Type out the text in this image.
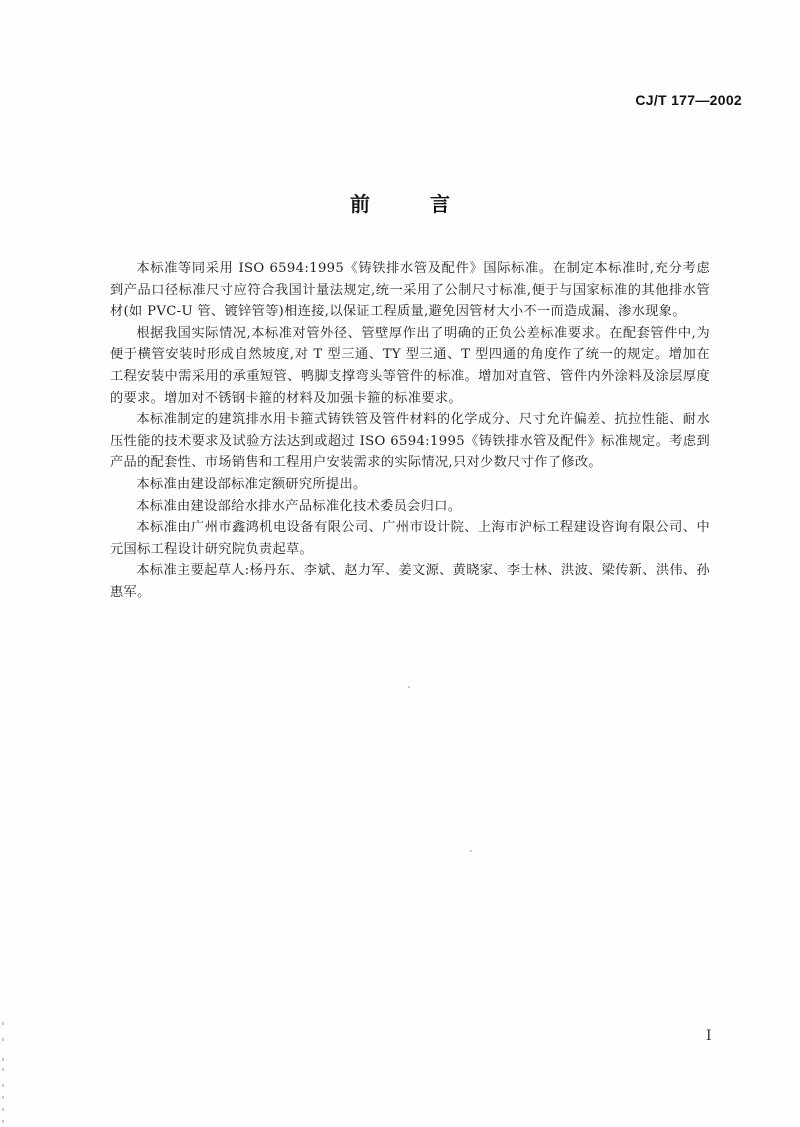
CJ/T 177—2002
前	言

本标准等同采用 ISO 6594:1995《铸铁排水管及配件》国际标准。在制定本标准时,充分考虑到产品口径标准尺寸应符合我国计量法规定,统一采用了公制尺寸标准,便于与国家标准的其他排水管材(如 PVC-U 管、镀锌管等)相连接,以保证工程质量,避免因管材大小不一而造成漏、渗水现象。

根据我国实际情况,本标准对管外径、管壁厚作出了明确的正负公差标准要求。在配套管件中,为便于横管安装时形成自然坡度,对 T 型三通、TY 型三通、T 型四通的角度作了统一的规定。增加在工程安装中需采用的承重短管、鸭脚支撑弯头等管件的标准。增加对直管、管件内外涂料及涂层厚度的要求。增加对不锈钢卡箍的材料及加强卡箍的标准要求。

本标准制定的建筑排水用卡箍式铸铁管及管件材料的化学成分、尺寸允许偏差、抗拉性能、耐水压性能的技术要求及试验方法达到或超过 ISO 6594:1995《铸铁排水管及配件》标准规定。考虑到产品的配套性、市场销售和工程用户安装需求的实际情况,只对少数尺寸作了修改。

本标准由建设部标准定额研究所提出。

本标准由建设部给水排水产品标准化技术委员会归口。

本标准由广州市鑫鸿机电设备有限公司、广州市设计院、上海市沪标工程建设咨询有限公司、中元国标工程设计研究院负责起草。

本标准主要起草人:杨丹东、李斌、赵力军、姜文源、黄晓家、李士林、洪波、梁传新、洪伟、孙惠军。

I
